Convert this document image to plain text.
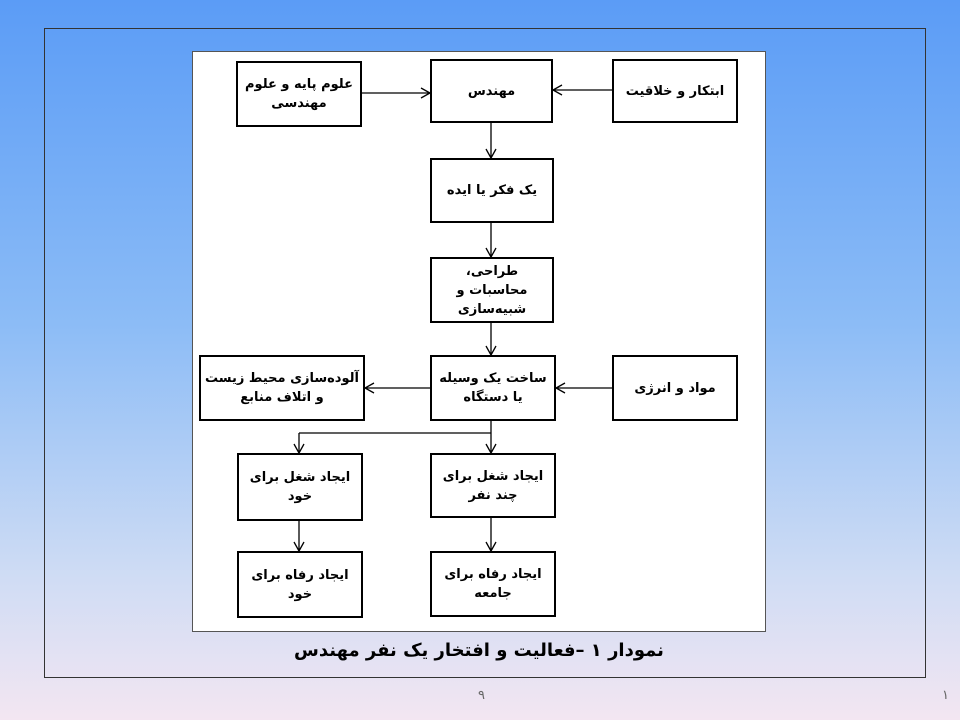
علوم پایه و علوم مهندسی
مهندس	ابتکار و خلاقیت
یک فکر یا ایده
طراحی، محاسبات و شبیه‌سازی
آلوده‌سازی محیط زیست و اتلاف منابع
ساخت یک وسیله یا دستگاه
مواد و انرژی
ایجاد شغل برای خود
ایجاد شغل برای چند نفر
ایجاد رفاه برای خود
ایجاد رفاه برای جامعه
نمودار ۱ –فعالیت و افتخار یک نفر مهندس
۹	۱
